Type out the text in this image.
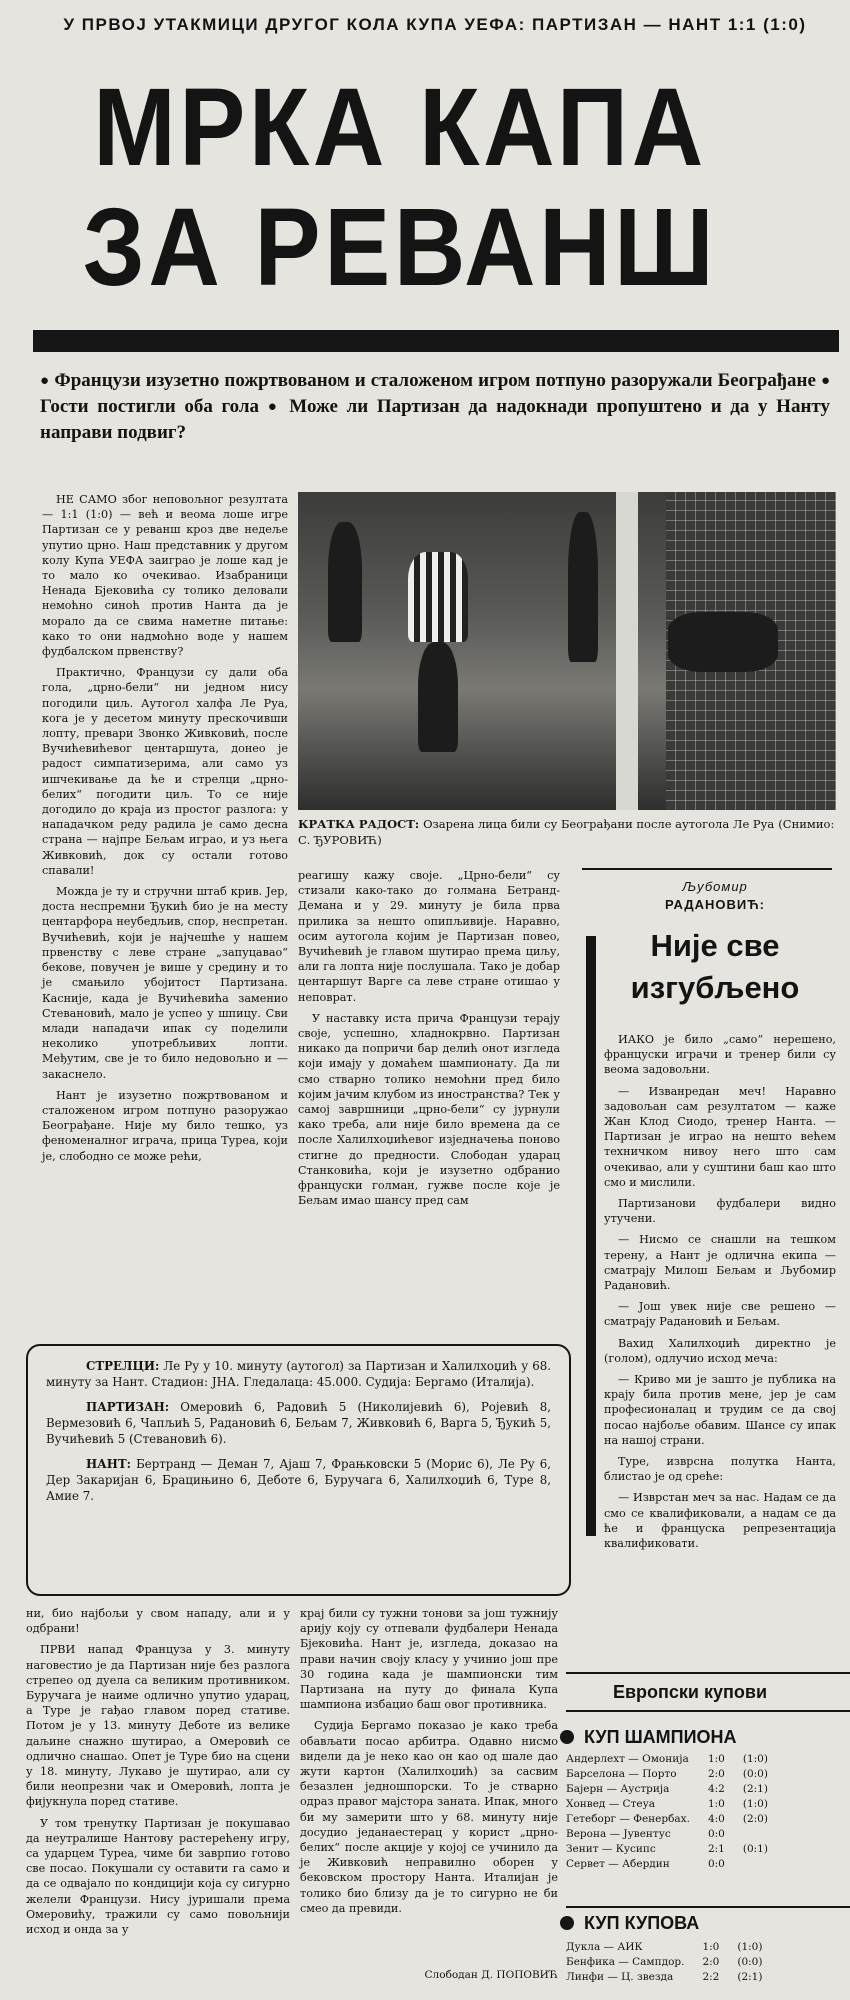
У ПРВОЈ УТАКМИЦИ ДРУГОГ КОЛА КУПА УЕФА: ПАРТИЗАН — НАНТ 1:1 (1:0)
МРКА КАПА
ЗА РЕВАНШ
● Французи изузетно пожртвованом и сталоженом игром потпуно разоружали Београђане ● Гости постигли оба гола ● Може ли Партизан да надокнади пропуштено и да у Нанту направи подвиг?

НЕ САМО због неповољног резултата — 1:1 (1:0) — већ и веома лоше игре Партизан се у реванш кроз две недеље упутио црно. Наш представник у другом колу Купа УЕФА заиграо је лоше кад је то мало ко очекивао. Изабраници Ненада Бјековића су толико деловали немоћно синоћ против Нанта да је морало да се свима наметне питање: како то они надмоћно воде у нашем фудбалском првенству?

Практично, Французи су дали оба гола, „црно-бели“ ни једном нису погодили циљ. Аутогол халфа Ле Руа, кога је у десетом минуту прескочивши лопту, превари Звонко Живковић, после Вучићевићевог центаршута, донео је радост симпатизерима, али само уз ишчекивање да ће и стрелци „црно-белих“ погодити циљ. То се није догодило до краја из простог разлога: у нападачком реду радила је само десна страна — најпре Бељам играо, и уз њега Живковић, док су остали готово спавали!

Можда је ту и стручни штаб крив. Јер, доста неспремни Ђукић био је на месту центарфора неубедљив, спор, неспретан. Вучићевић, који је најчешће у нашем првенству с леве стране „запуцавао“ бекове, повучен је више у средину и то је смањило убојитост Партизана. Касније, када је Вучићевића заменио Стевановић, мало је успео у шпицу. Сви млади нападачи ипак су поделили неколико употребљивих лопти. Међутим, све је то било недовољно и — закаснело.

Нант је изузетно пожртвованом и сталоженом игром потпуно разоружао Београђане. Није му било тешко, уз феноменалног играча, прица Туреа, који је, слободно се може рећи,

КРАТКА РАДОСТ: Озарена лица били су Београђани после аутогола Ле Руа (Снимио: С. ЂУРОВИЋ)

реагишу кажу своје. „Црно-бели“ су стизали како-тако до голмана Бетранд-Демана и у 29. минуту је била прва прилика за нешто опипљивије. Наравно, осим аутогола којим је Партизан повео, Вучићевић је главом шутирао према циљу, али га лопта није послушала. Тако је добар центаршут Варге са леве стране отишао у неповрат.

У наставку иста прича Французи терају своје, успешно, хладнокрвно. Партизан никако да попричи бар делић онот изгледа који имају у домаћем шампионату. Да ли смо стварно толико немоћни пред било којим јачим клубом из иностранства? Тек у самој завршници „црно-бели“ су јурнули како треба, али није било времена да се после Халилхоџићевог изједначења поново стигне до предности. Слободан ударац Станковића, који је изузетно одбранио француски голман, гужве после које је Бељам имао шансу пред сам

Љубомир
РАДАНОВИЋ:
Није све
изгубљено

ИАКО је било „само“ нерешено, француски играчи и тренер били су веома задовољни.

— Изванредан меч! Наравно задовољан сам резултатом — каже Жан Клод Сиодо, тренер Нанта. — Партизан је играо на нешто већем техничком нивоу него што сам очекивао, али у суштини баш као што смо и мислили.

Партизанови фудбалери видно утучени.

— Нисмо се снашли на тешком терену, а Нант је одлична екипа — сматрају Милош Бељам и Љубомир Радановић.

— Још увек није све решено — сматрају Радановић и Бељам.

Вахид Халилхоџић директно је (голом), одлучио исход меча:

— Криво ми је зашто је публика на крају била против мене, јер је сам професионалац и трудим се да свој посао најбоље обавим. Шансе су ипак на нашој страни.

Туре, изврсна полутка Нанта, блистао је од среће:

— Изврстан меч за нас. Надам се да смо се квалификовали, а надам се да ће и француска репрезентација квалификовати.

СТРЕЛЦИ: Ле Ру у 10. минуту (аутогол) за Партизан и Халилхоџић у 68. минуту за Нант. Стадион: ЈНА. Гледалаца: 45.000. Судија: Бергамо (Италија).

ПАРТИЗАН: Омеровић 6, Радовић 5 (Николијевић 6), Ројевић 8, Вермезовић 6, Чапљић 5, Радановић 6, Бељам 7, Живковић 6, Варга 5, Ђукић 5, Вучићевић 5 (Стевановић 6).

НАНТ: Бертранд — Деман 7, Ајаш 7, Фрањковски 5 (Морис 6), Ле Ру 6, Дер Закаријан 6, Брацињино 6, Деботе 6, Буручага 6, Халилхоџић 6, Туре 8, Амие 7.

ни, био најбољи у свом нападу, али и у одбрани!

ПРВИ напад Француза у 3. минуту наговестио је да Партизан није без разлога стрепео од дуела са великим противником. Буручага је наиме одлично упутио ударац, а Туре је гађао главом поред стативе. Потом је у 13. минуту Деботе из велике даљине снажно шутирао, а Омеровић се одлично снашао. Опет је Туре био на сцени у 18. минуту, Лукаво је шутирао, али су били неопрезни чак и Омеровић, лопта је фијукнула поред стативе.

У том тренутку Партизан је покушавао да неутралише Нантову растерећену игру, са ударцем Туреа, чиме би заврпио готово све посао. Покушали су оставити га само и да се одвајало по кондицији која су сигурно желели Французи. Нису јуришали према Омеровићу, тражили су само повољнији исход и онда за у

крај били су тужни тонови за још тужнију арију коју су отпевали фудбалери Ненада Бјековића. Нант је, изгледа, доказао на прави начин своју класу у учинио још пре 30 година када је шампионски тим Партизана на путу до финала Купа шампиона избацио баш овог противника.

Судија Бергамо показао је како треба обављати посао арбитра. Одавно нисмо видели да је неко као он као од шале дао жути картон (Халилхоџић) за сасвим безазлен једношпорски. То је стварно одраз правог мајстора заната. Ипак, много би му замерити што у 68. минуту није досудио једанаестерац у корист „црно-белих“ после акције у којој се учинило да је Живковић неправилно оборен у бековском простору Нанта. Италијан је толико био близу да је то сигурно не би смео да превиди.

Слободан Д. ПОПОВИЋ
Европски купови
КУП ШАМПИОНА
Андерлехт — Омонија	1:0	(1:0)
Барселона — Порто	2:0	(0:0)
Бајерн — Аустрија	4:2	(2:1)
Хонвед — Стеуа	1:0	(1:0)
Гетеборг — Фенербах.	4:0	(2:0)
Верона — Јувентус	0:0	
Зенит — Кусипс	2:1	(0:1)
Сервет — Абердин	0:0	
КУП КУПОВА
Дукла — АИК	1:0	(1:0)
Бенфика — Сампдор.	2:0	(0:0)
Линфи — Ц. звезда	2:2	(2:1)
